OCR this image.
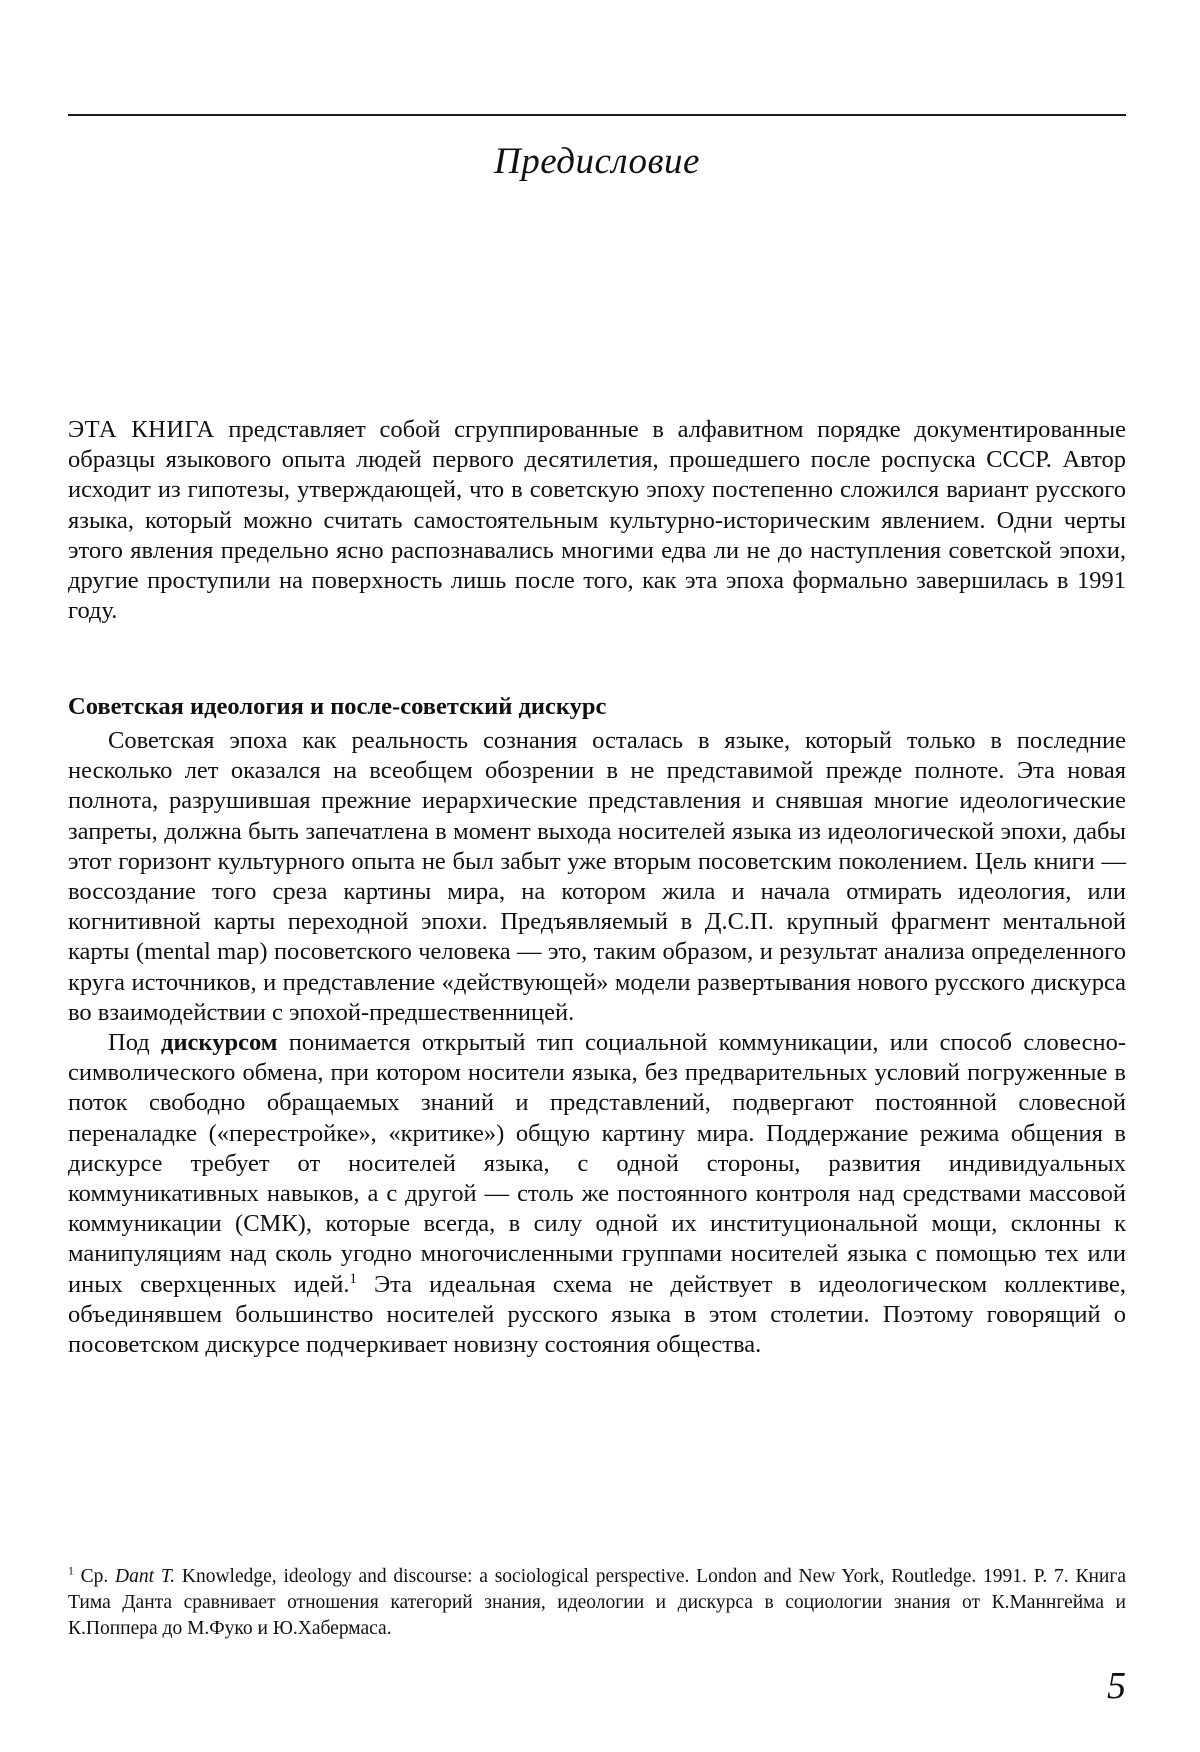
Предисловие

ЭТА КНИГА представляет собой сгруппированные в алфавитном порядке документированные образцы языкового опыта людей первого десятилетия, прошедшего после роспуска СССР. Автор исходит из гипотезы, утверждающей, что в советскую эпоху постепенно сложился вариант русского языка, который можно считать самостоятельным культурно-историческим явлением. Одни черты этого явления предельно ясно распознавались многими едва ли не до наступления советской эпохи, другие проступили на поверхность лишь после того, как эта эпоха формально завершилась в 1991 году.

Советская идеология и после-советский дискурс

Советская эпоха как реальность сознания осталась в языке, который только в последние несколько лет оказался на всеобщем обозрении в не представимой прежде полноте. Эта новая полнота, разрушившая прежние иерархические представления и снявшая многие идеологические запреты, должна быть запечатлена в момент выхода носителей языка из идеологической эпохи, дабы этот горизонт культурного опыта не был забыт уже вторым посоветским поколением. Цель книги — воссоздание того среза картины мира, на котором жила и начала отмирать идеология, или когнитивной карты переходной эпохи. Предъявляемый в Д.С.П. крупный фрагмент ментальной карты (mental map) посоветского человека — это, таким образом, и результат анализа определенного круга источников, и представление «действующей» модели развертывания нового русского дискурса во взаимодействии с эпохой-предшественницей.

Под дискурсом понимается открытый тип социальной коммуникации, или способ словесно-символического обмена, при котором носители языка, без предварительных условий погруженные в поток свободно обращаемых знаний и представлений, подвергают постоянной словесной переналадке («перестройке», «критике») общую картину мира. Поддержание режима общения в дискурсе требует от носителей языка, с одной стороны, развития индивидуальных коммуникативных навыков, а с другой — столь же постоянного контроля над средствами массовой коммуникации (СМК), которые всегда, в силу одной их институциональной мощи, склонны к манипуляциям над сколь угодно многочисленными группами носителей языка с помощью тех или иных сверхценных идей.$^1$ Эта идеальная схема не действует в идеологическом коллективе, объединявшем большинство носителей русского языка в этом столетии. Поэтому говорящий о посоветском дискурсе подчеркивает новизну состояния общества.

$^1$ Ср. Dant T. Knowledge, ideology and discourse: a sociological perspective. London and New York, Routledge. 1991. P. 7. Книга Тима Данта сравнивает отношения категорий знания, идеологии и дискурса в социологии знания от К.Маннгейма и К.Поппера до М.Фуко и Ю.Хабермаса.

5
